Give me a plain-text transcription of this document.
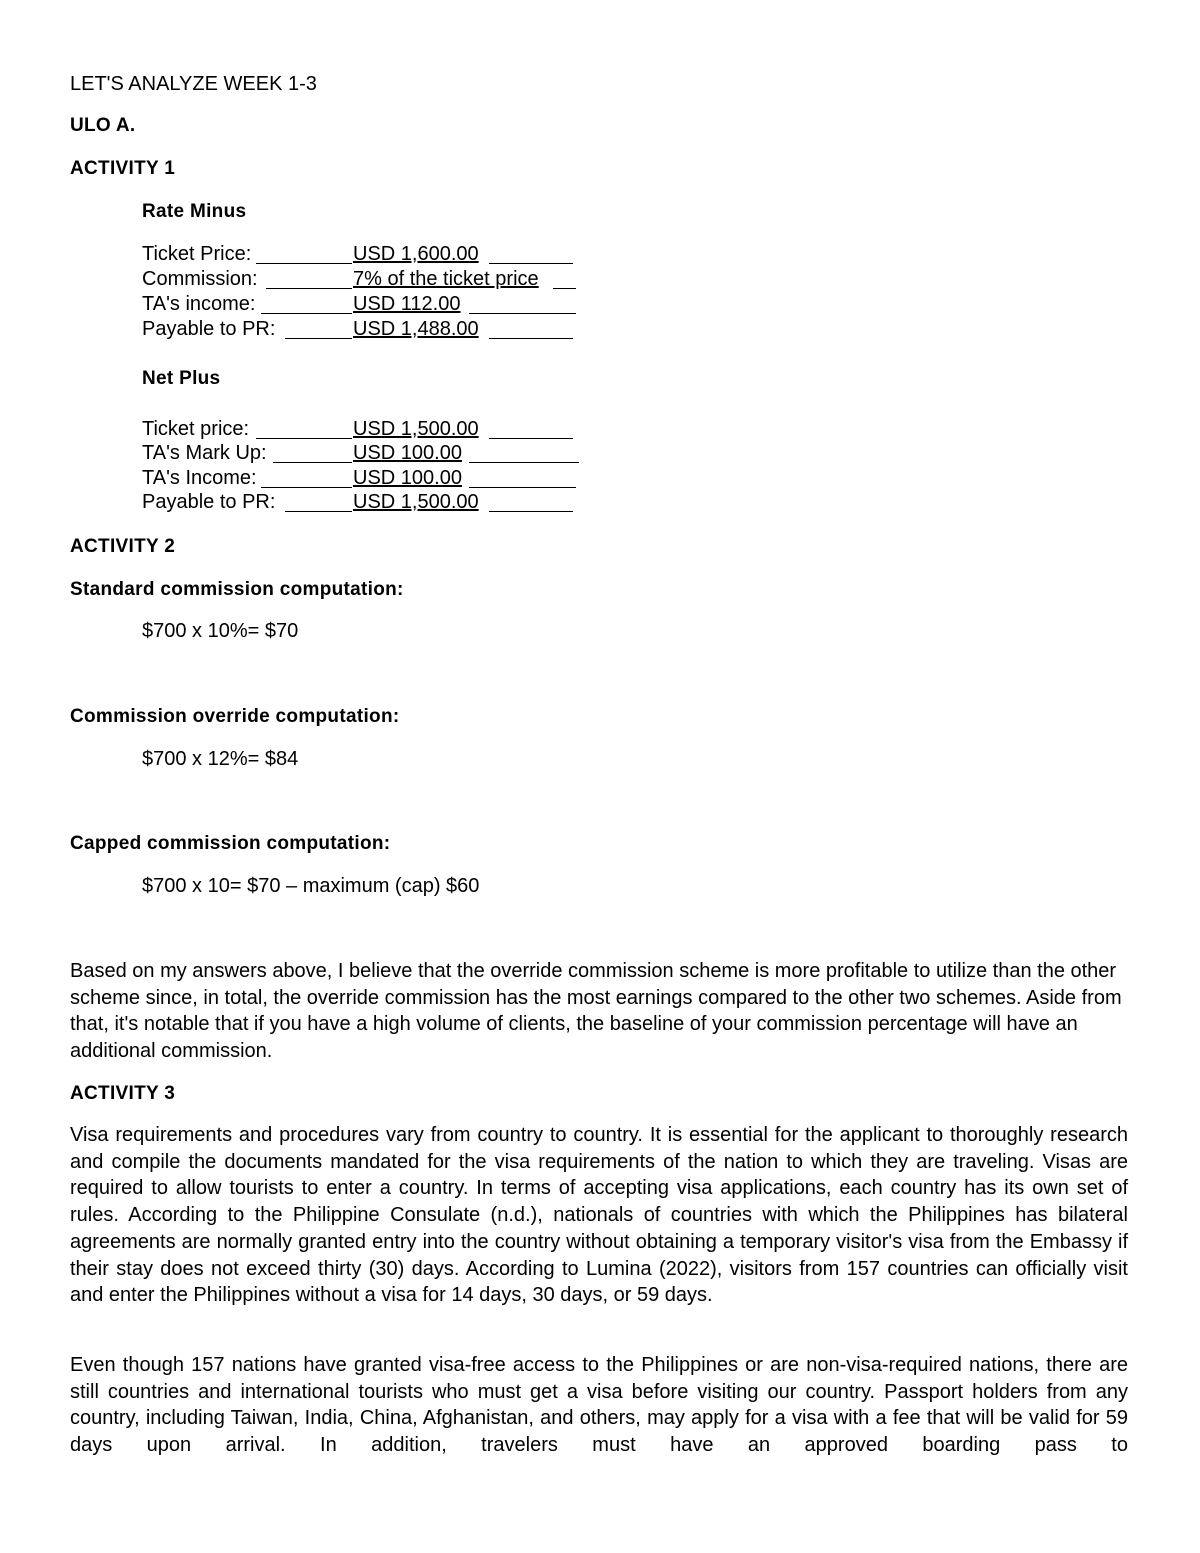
LET'S ANALYZE WEEK 1-3
ULO A.
ACTIVITY 1
Rate Minus
Ticket Price:	USD 1,600.00
Commission:	7% of the ticket price
TA's income:	USD 112.00
Payable to PR:	USD 1,488.00
Net Plus
Ticket price:	USD 1,500.00
TA's Mark Up:	USD 100.00
TA's Income:	USD 100.00
Payable to PR:	USD 1,500.00
ACTIVITY 2
Standard commission computation:
$700 x 10%= $70
Commission override computation:
$700 x 12%= $84
Capped commission computation:
$700 x 10= $70 – maximum (cap) $60
Based on my answers above, I believe that the override commission scheme is more profitable to utilize than the other scheme since, in total, the override commission has the most earnings compared to the other two schemes. Aside from that, it's notable that if you have a high volume of clients, the baseline of your commission percentage will have an additional commission.
ACTIVITY 3
Visa requirements and procedures vary from country to country. It is essential for the applicant to thoroughly research and compile the documents mandated for the visa requirements of the nation to which they are traveling. Visas are required to allow tourists to enter a country. In terms of accepting visa applications, each country has its own set of rules. According to the Philippine Consulate (n.d.), nationals of countries with which the Philippines has bilateral agreements are normally granted entry into the country without obtaining a temporary visitor's visa from the Embassy if their stay does not exceed thirty (30) days. According to Lumina (2022), visitors from 157 countries can officially visit and enter the Philippines without a visa for 14 days, 30 days, or 59 days.
Even though 157 nations have granted visa-free access to the Philippines or are non-visa-required nations, there are still countries and international tourists who must get a visa before visiting our country. Passport holders from any country, including Taiwan, India, China, Afghanistan, and others, may apply for a visa with a fee that will be valid for 59 days upon arrival. In addition, travelers must have an approved boarding pass to
